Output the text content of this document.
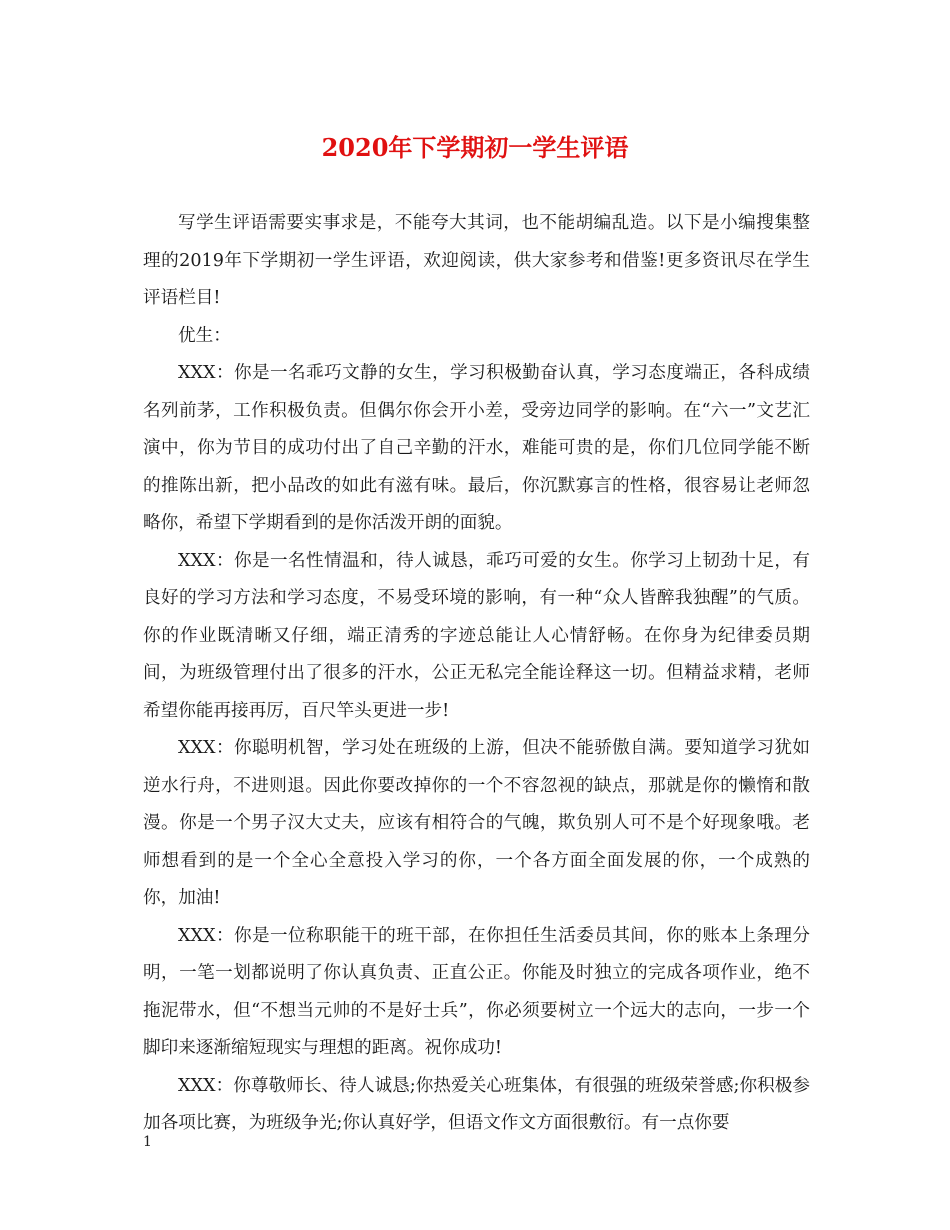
2020年下学期初一学生评语

写学生评语需要实事求是，不能夸大其词，也不能胡编乱造。以下是小编搜集整理的2019年下学期初一学生评语，欢迎阅读，供大家参考和借鉴!更多资讯尽在学生评语栏目!

优生：

XXX：你是一名乖巧文静的女生，学习积极勤奋认真，学习态度端正，各科成绩名列前茅，工作积极负责。但偶尔你会开小差，受旁边同学的影响。在“六一”文艺汇演中，你为节目的成功付出了自己辛勤的汗水，难能可贵的是，你们几位同学能不断的推陈出新，把小品改的如此有滋有味。最后，你沉默寡言的性格，很容易让老师忽略你，希望下学期看到的是你活泼开朗的面貌。

XXX：你是一名性情温和，待人诚恳，乖巧可爱的女生。你学习上韧劲十足，有良好的学习方法和学习态度，不易受环境的影响，有一种“众人皆醉我独醒”的气质。你的作业既清晰又仔细，端正清秀的字迹总能让人心情舒畅。在你身为纪律委员期间，为班级管理付出了很多的汗水，公正无私完全能诠释这一切。但精益求精，老师希望你能再接再厉，百尺竿头更进一步!

XXX：你聪明机智，学习处在班级的上游，但决不能骄傲自满。要知道学习犹如逆水行舟，不进则退。因此你要改掉你的一个不容忽视的缺点，那就是你的懒惰和散漫。你是一个男子汉大丈夫，应该有相符合的气魄，欺负别人可不是个好现象哦。老师想看到的是一个全心全意投入学习的你，一个各方面全面发展的你，一个成熟的你，加油!

XXX：你是一位称职能干的班干部，在你担任生活委员其间，你的账本上条理分明，一笔一划都说明了你认真负责、正直公正。你能及时独立的完成各项作业，绝不拖泥带水，但“不想当元帅的不是好士兵”，你必须要树立一个远大的志向，一步一个脚印来逐渐缩短现实与理想的距离。祝你成功!

XXX：你尊敬师长、待人诚恳;你热爱关心班集体，有很强的班级荣誉感;你积极参加各项比赛，为班级争光;你认真好学，但语文作文方面很敷衍。有一点你要

1
